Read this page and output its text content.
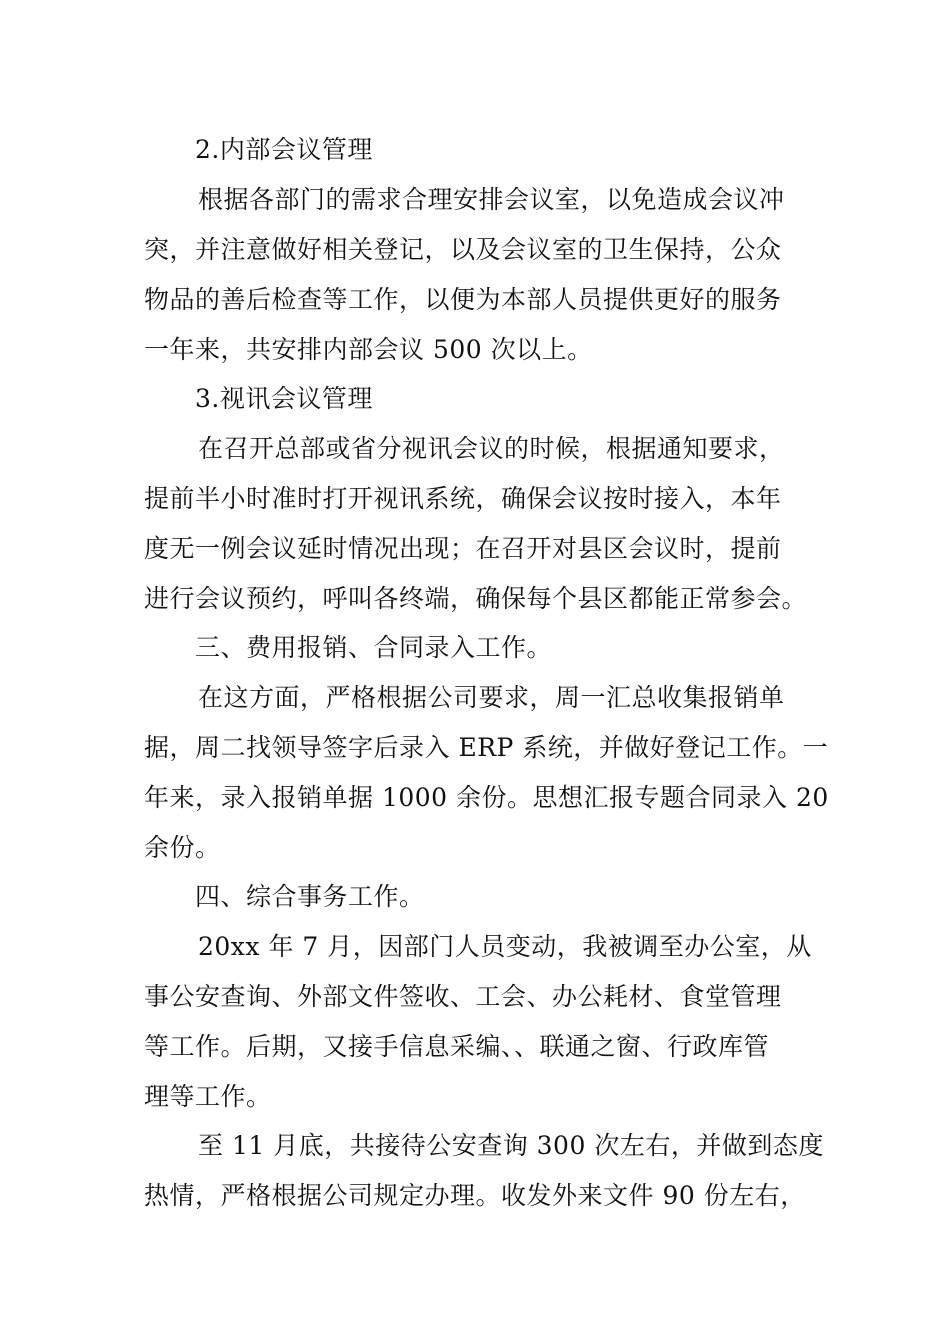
2.内部会议管理
根据各部门的需求合理安排会议室，以免造成会议冲
突，并注意做好相关登记，以及会议室的卫生保持，公众
物品的善后检查等工作，以便为本部人员提供更好的服务
一年来，共安排内部会议 500 次以上。
3.视讯会议管理
在召开总部或省分视讯会议的时候，根据通知要求，
提前半小时准时打开视讯系统，确保会议按时接入，本年
度无一例会议延时情况出现；在召开对县区会议时，提前
进行会议预约，呼叫各终端，确保每个县区都能正常参会。
三、费用报销、合同录入工作。
在这方面，严格根据公司要求，周一汇总收集报销单
据，周二找领导签字后录入 ERP 系统，并做好登记工作。一
年来，录入报销单据 1000 余份。思想汇报专题合同录入 20
余份。
四、综合事务工作。
20xx 年 7 月，因部门人员变动，我被调至办公室，从
事公安查询、外部文件签收、工会、办公耗材、食堂管理
等工作。后期，又接手信息采编、、联通之窗、行政库管
理等工作。
至 11 月底，共接待公安查询 300 次左右，并做到态度
热情，严格根据公司规定办理。收发外来文件 90 份左右，
